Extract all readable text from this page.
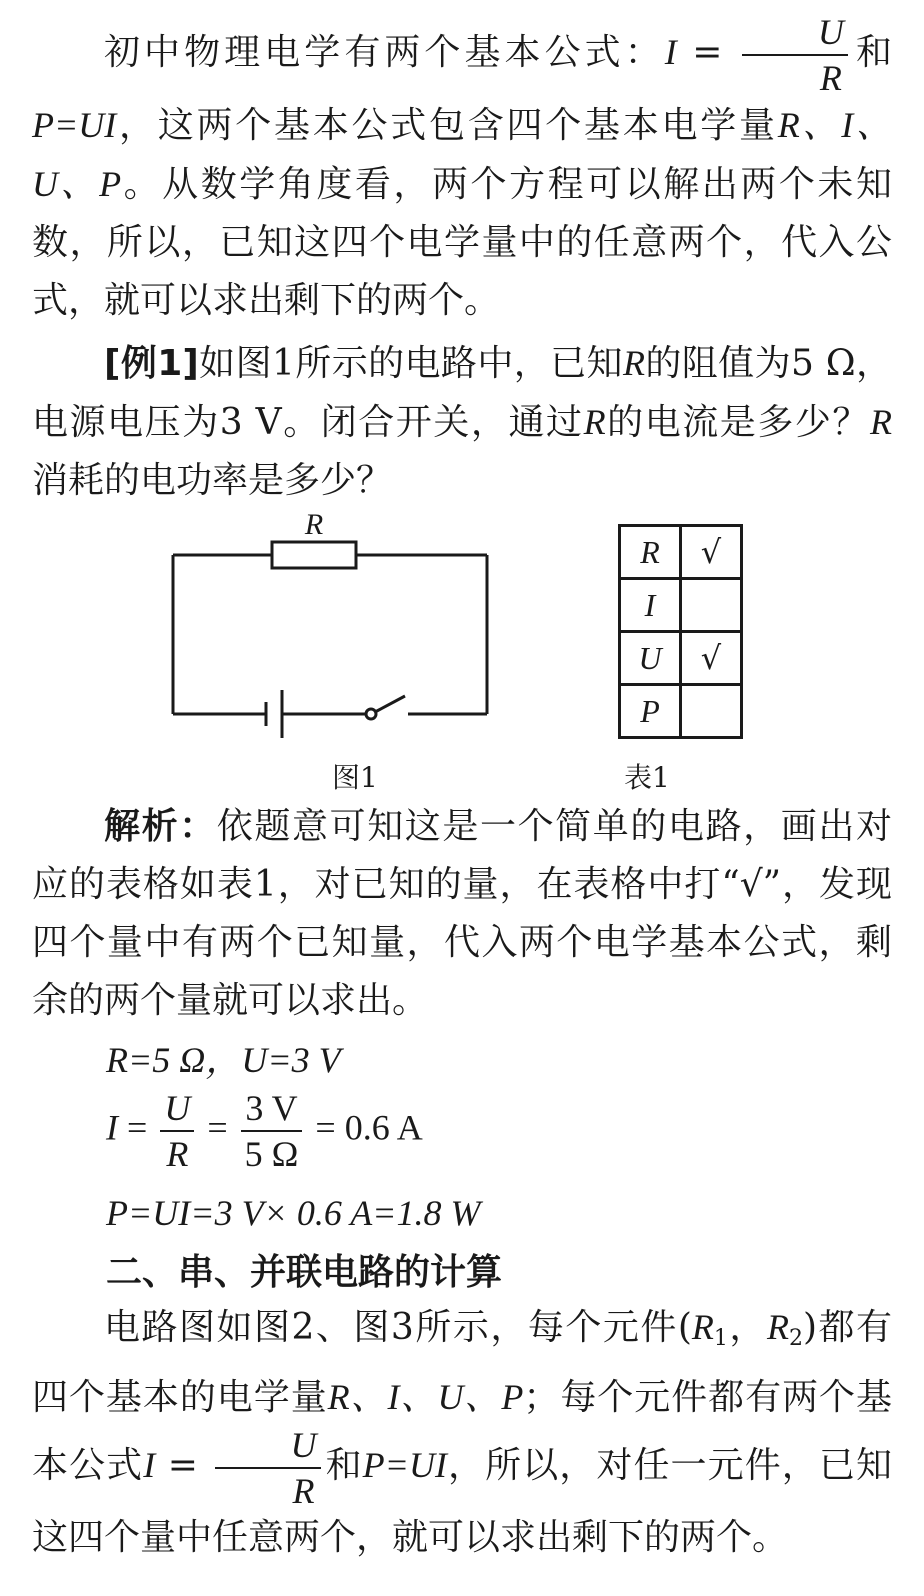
初中物理电学有两个基本公式：$I = \frac{U}{R}$ 和P=UI，这两个基本公式包含四个基本电学量R、I、U、P。从数学角度看，两个方程可以解出两个未知数，所以，已知这四个电学量中的任意两个，代入公式，就可以求出剩下的两个。

[例1]如图1所示的电路中，已知R的阻值为5 Ω，电源电压为3 V。闭合开关，通过R的电流是多少？R消耗的电功率是多少？

R
图1
R	√
I	
U	√
P	
表1

解析：依题意可知这是一个简单的电路，画出对应的表格如表1，对已知的量，在表格中打“√”，发现四个量中有两个已知量，代入两个电学基本公式，剩余的两个量就可以求出。

R=5 Ω，U=3 V
$I = \frac{U}{R} = \frac{3 V}{5 \Omega} = 0.6$ A
P=UI=3 V× 0.6 A=1.8 W
二、串、并联电路的计算

电路图如图2、图3所示，每个元件($R_1$，$R_2$)都有四个基本的电学量R、I、U、P；每个元件都有两个基本公式$I = \frac{U}{R}$ 和P=UI，所以，对任一元件，已知这四个量中任意两个，就可以求出剩下的两个。
